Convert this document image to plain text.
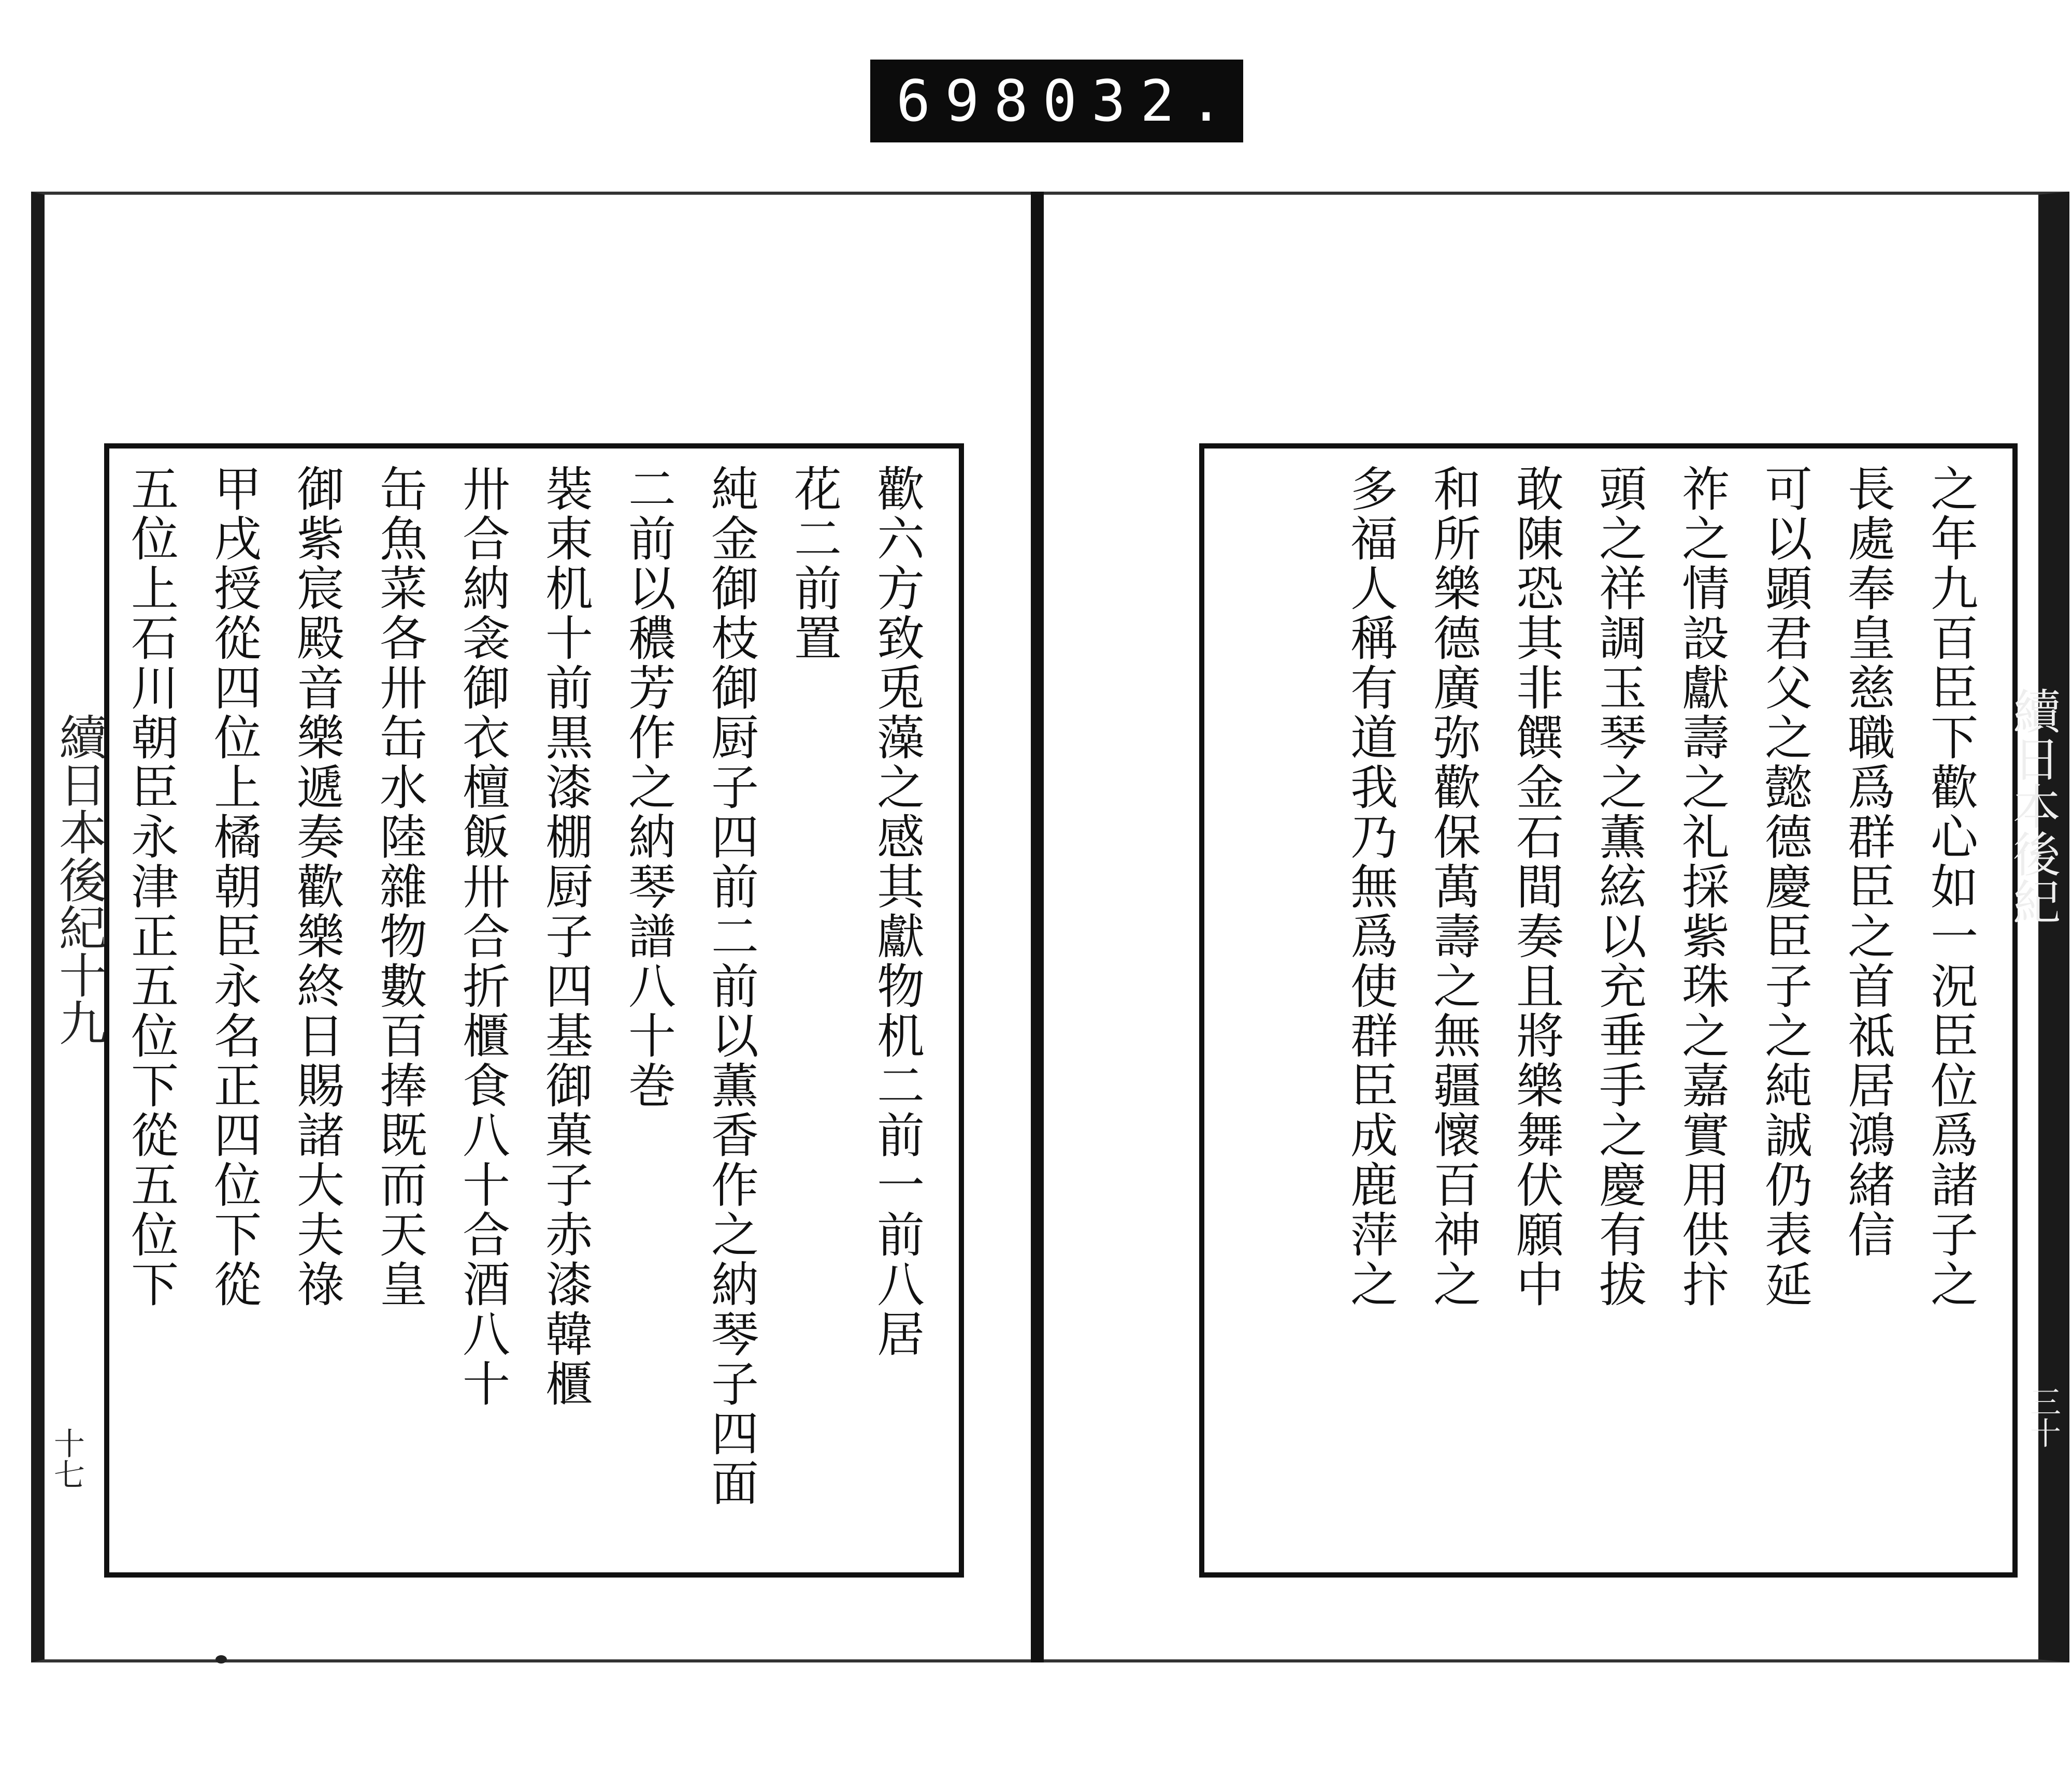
698 032.
續日本後紀十九
十七
歡六方致兎藻之感其獻物机二前一前八居
花二前置
純金御枝御厨子四前二前以薫香作之納琴子四面二前以穠芳作之納琴譜八十巻
裝束机十前黒漆棚厨子四基御菓子赤漆韓櫃
卅合納衾御衣檀飯卅合折櫃食八十合酒八十
缶魚菜各卅缶水陸雜物數百捧既而天皇
御紫宸殿音樂遞奏歡樂終日賜諸大夫祿
甲戌授從四位上橘朝臣永名正四位下從
五位上石川朝臣永津正五位下從五位下	之年九百臣下歡心如一況臣位爲諸子之
長處奉皇慈職爲群臣之首祗居鴻緒信
可以顕君父之懿德慶臣子之純誠仍表延
祚之情設獻壽之礼採紫珠之嘉實用供抃
頭之祥調玉琴之薫絃以充垂手之慶有拔
敢陳恐其非饌金石間奏且將樂舞伏願中
和所樂德廣弥歡保萬壽之無疆懷百神之
多福人稱有道我乃無爲使群臣成鹿萍之	續日本後紀
三十
